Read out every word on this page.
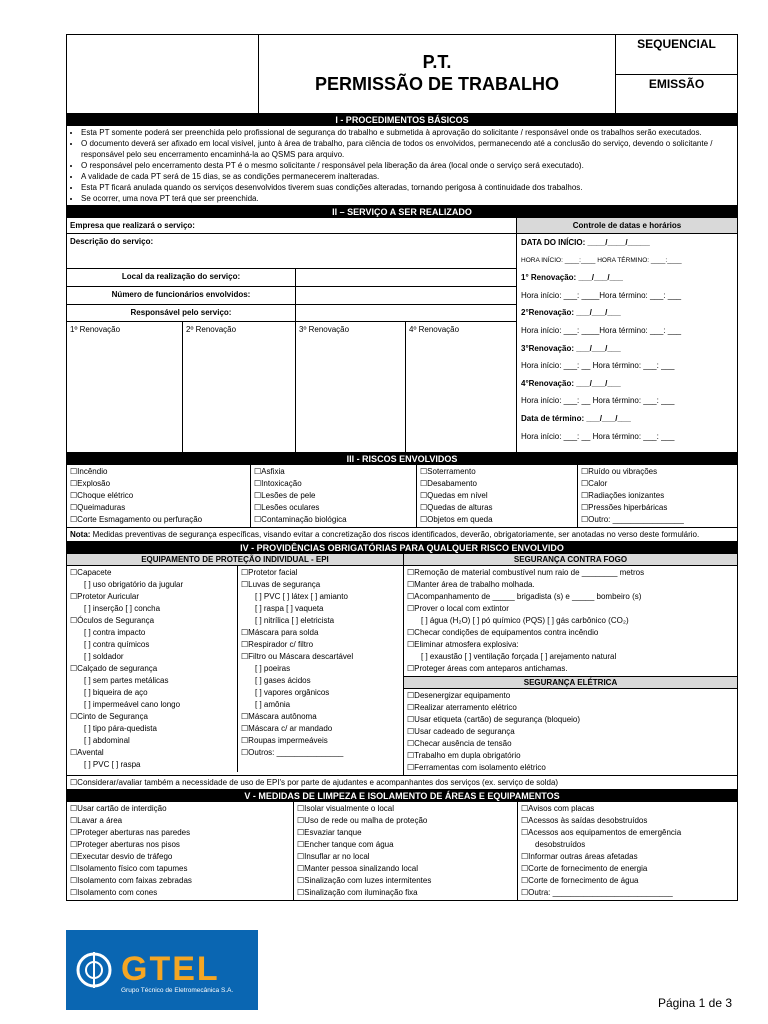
P.T.
PERMISSÃO DE TRABALHO
SEQUENCIAL
EMISSÃO
I - PROCEDIMENTOS BÁSICOS
• Esta PT somente poderá ser preenchida pelo profissional de segurança do trabalho e submetida à aprovação do solicitante / responsável onde os trabalhos serão executados.
• O documento deverá ser afixado em local visível, junto à área de trabalho, para ciência de todos os envolvidos, permanecendo até a conclusão do serviço, devendo o solicitante / responsável pelo seu encerramento encaminhá-la ao QSMS para arquivo.
• O responsável pelo encerramento desta PT é o mesmo solicitante / responsável pela liberação da área (local onde o serviço será executado).
• A validade de cada PT será de 15 dias, se as condições permanecerem inalteradas.
• Esta PT ficará anulada quando os serviços desenvolvidos tiverem suas condições alteradas, tornando perigosa à continuidade dos trabalhos.
• Se ocorrer, uma nova PT terá que ser preenchida.
II – SERVIÇO A SER REALIZADO
Empresa que realizará o serviço:
Descrição do serviço:
Local da realização do serviço:
Número de funcionários envolvidos:
Responsável pelo serviço:
1º Renovação	2º Renovação	3º Renovação	4º Renovação
Controle de datas e horários
DATA DO INÍCIO: ____/____/_____
HORA INÍCIO: ____:____ HORA TÉRMINO: ____:____
1° Renovação: ___/___/___
Hora início: ___: ____Hora término: ___: ___
2°Renovação: ___/___/___
Hora início: ___: ____Hora término: ___: ___
3°Renovação: ___/___/___
Hora início: ___: __ Hora término: ___: ___
4°Renovação: ___/___/___
Hora início: ___: __ Hora término: ___: ___
Data de término: ___/___/___
Hora início: ___: __ Hora término: ___: ___
III - RISCOS ENVOLVIDOS
☐ Incêndio
☐ Explosão
☐ Choque elétrico
☐ Queimaduras
☐ Corte Esmagamento ou perfuração
☐ Asfixia
☐ Intoxicação
☐ Lesões de pele
☐ Lesões oculares
☐ Contaminação biológica
☐ Soterramento
☐ Desabamento
☐ Quedas em nível
☐ Quedas de alturas
☐ Objetos em queda
☐ Ruído ou vibrações
☐ Calor
☐ Radiações ionizantes
☐ Pressões hiperbáricas
☐ Outro: ________________
Nota: Medidas preventivas de segurança específicas, visando evitar a concretização dos riscos identificados, deverão, obrigatoriamente, ser anotadas no verso deste formulário.
IV - PROVIDÊNCIAS OBRIGATÓRIAS PARA QUALQUER RISCO ENVOLVIDO
EQUIPAMENTO DE PROTEÇÃO INDIVIDUAL - EPI
☐ Capacete
[ ] uso obrigatório da jugular
☐ Protetor Auricular
[ ] inserção [ ] concha
☐ Óculos de Segurança
[ ] contra impacto
[ ] contra químicos
[ ] soldador
☐ Calçado de segurança
[ ] sem partes metálicas
[ ] biqueira de aço
[ ] impermeável cano longo
☐ Cinto de Segurança
[ ] tipo pára-quedista
[ ] abdominal
☐ Avental
[ ] PVC [ ] raspa
☐ Protetor facial
☐ Luvas de segurança
[ ] PVC [ ] látex [ ] amianto
[ ] raspa [ ] vaqueta
[ ] nitrílica [ ] eletricista
☐ Máscara para solda
☐ Respirador c/ filtro
☐ Filtro ou Máscara descartável
[ ] poeiras
[ ] gases ácidos
[ ] vapores orgânicos
[ ] amônia
☐ Máscara autônoma
☐ Máscara c/ ar mandado
☐ Roupas impermeáveis
☐ Outros: _______________
SEGURANÇA CONTRA FOGO
☐ Remoção de material combustível num raio de ________ metros
☐ Manter área de trabalho molhada.
☐ Acompanhamento de _____ brigadista (s) e _____ bombeiro (s)
☐ Prover o local com extintor
[ ] água (H₂O) [ ] pó químico (PQS) [ ] gás carbônico (CO₂)
☐ Checar condições de equipamentos contra incêndio
☐ Eliminar atmosfera explosiva:
[ ] exaustão [ ] ventilação forçada [ ] arejamento natural
☐ Proteger áreas com anteparos antichamas.
SEGURANÇA ELÉTRICA
☐ Desenergizar equipamento
☐ Realizar aterramento elétrico
☐ Usar etiqueta (cartão) de segurança (bloqueio)
☐ Usar cadeado de segurança
☐ Checar ausência de tensão
☐ Trabalho em dupla obrigatório
☐ Ferramentas com isolamento elétrico
☐ Considerar/avaliar também a necessidade de uso de EPI's por parte de ajudantes e acompanhantes dos serviços (ex. serviço de solda)
V - MEDIDAS DE LIMPEZA E ISOLAMENTO DE ÁREAS E EQUIPAMENTOS
☐ Usar cartão de interdição
☐ Lavar a área
☐ Proteger aberturas nas paredes
☐ Proteger aberturas nos pisos
☐ Executar desvio de tráfego
☐ Isolamento físico com tapumes
☐ Isolamento com faixas zebradas
☐ Isolamento com cones
☐ Isolar visualmente o local
☐ Uso de rede ou malha de proteção
☐ Esvaziar tanque
☐ Encher tanque com água
☐ Insuflar ar no local
☐ Manter pessoa sinalizando local
☐ Sinalização com luzes intermitentes
☐ Sinalização com iluminação fixa
☐ Avisos com placas
☐ Acessos às saídas desobstruídos
☐ Acessos aos equipamentos de emergência
desobstruídos
☐ Informar outras áreas afetadas
☐ Corte de fornecimento de energia
☐ Corte de fornecimento de água
☐ Outra: ___________________________
GTEL
Grupo Técnico de Eletromecânica S.A.
Página 1 de 3
